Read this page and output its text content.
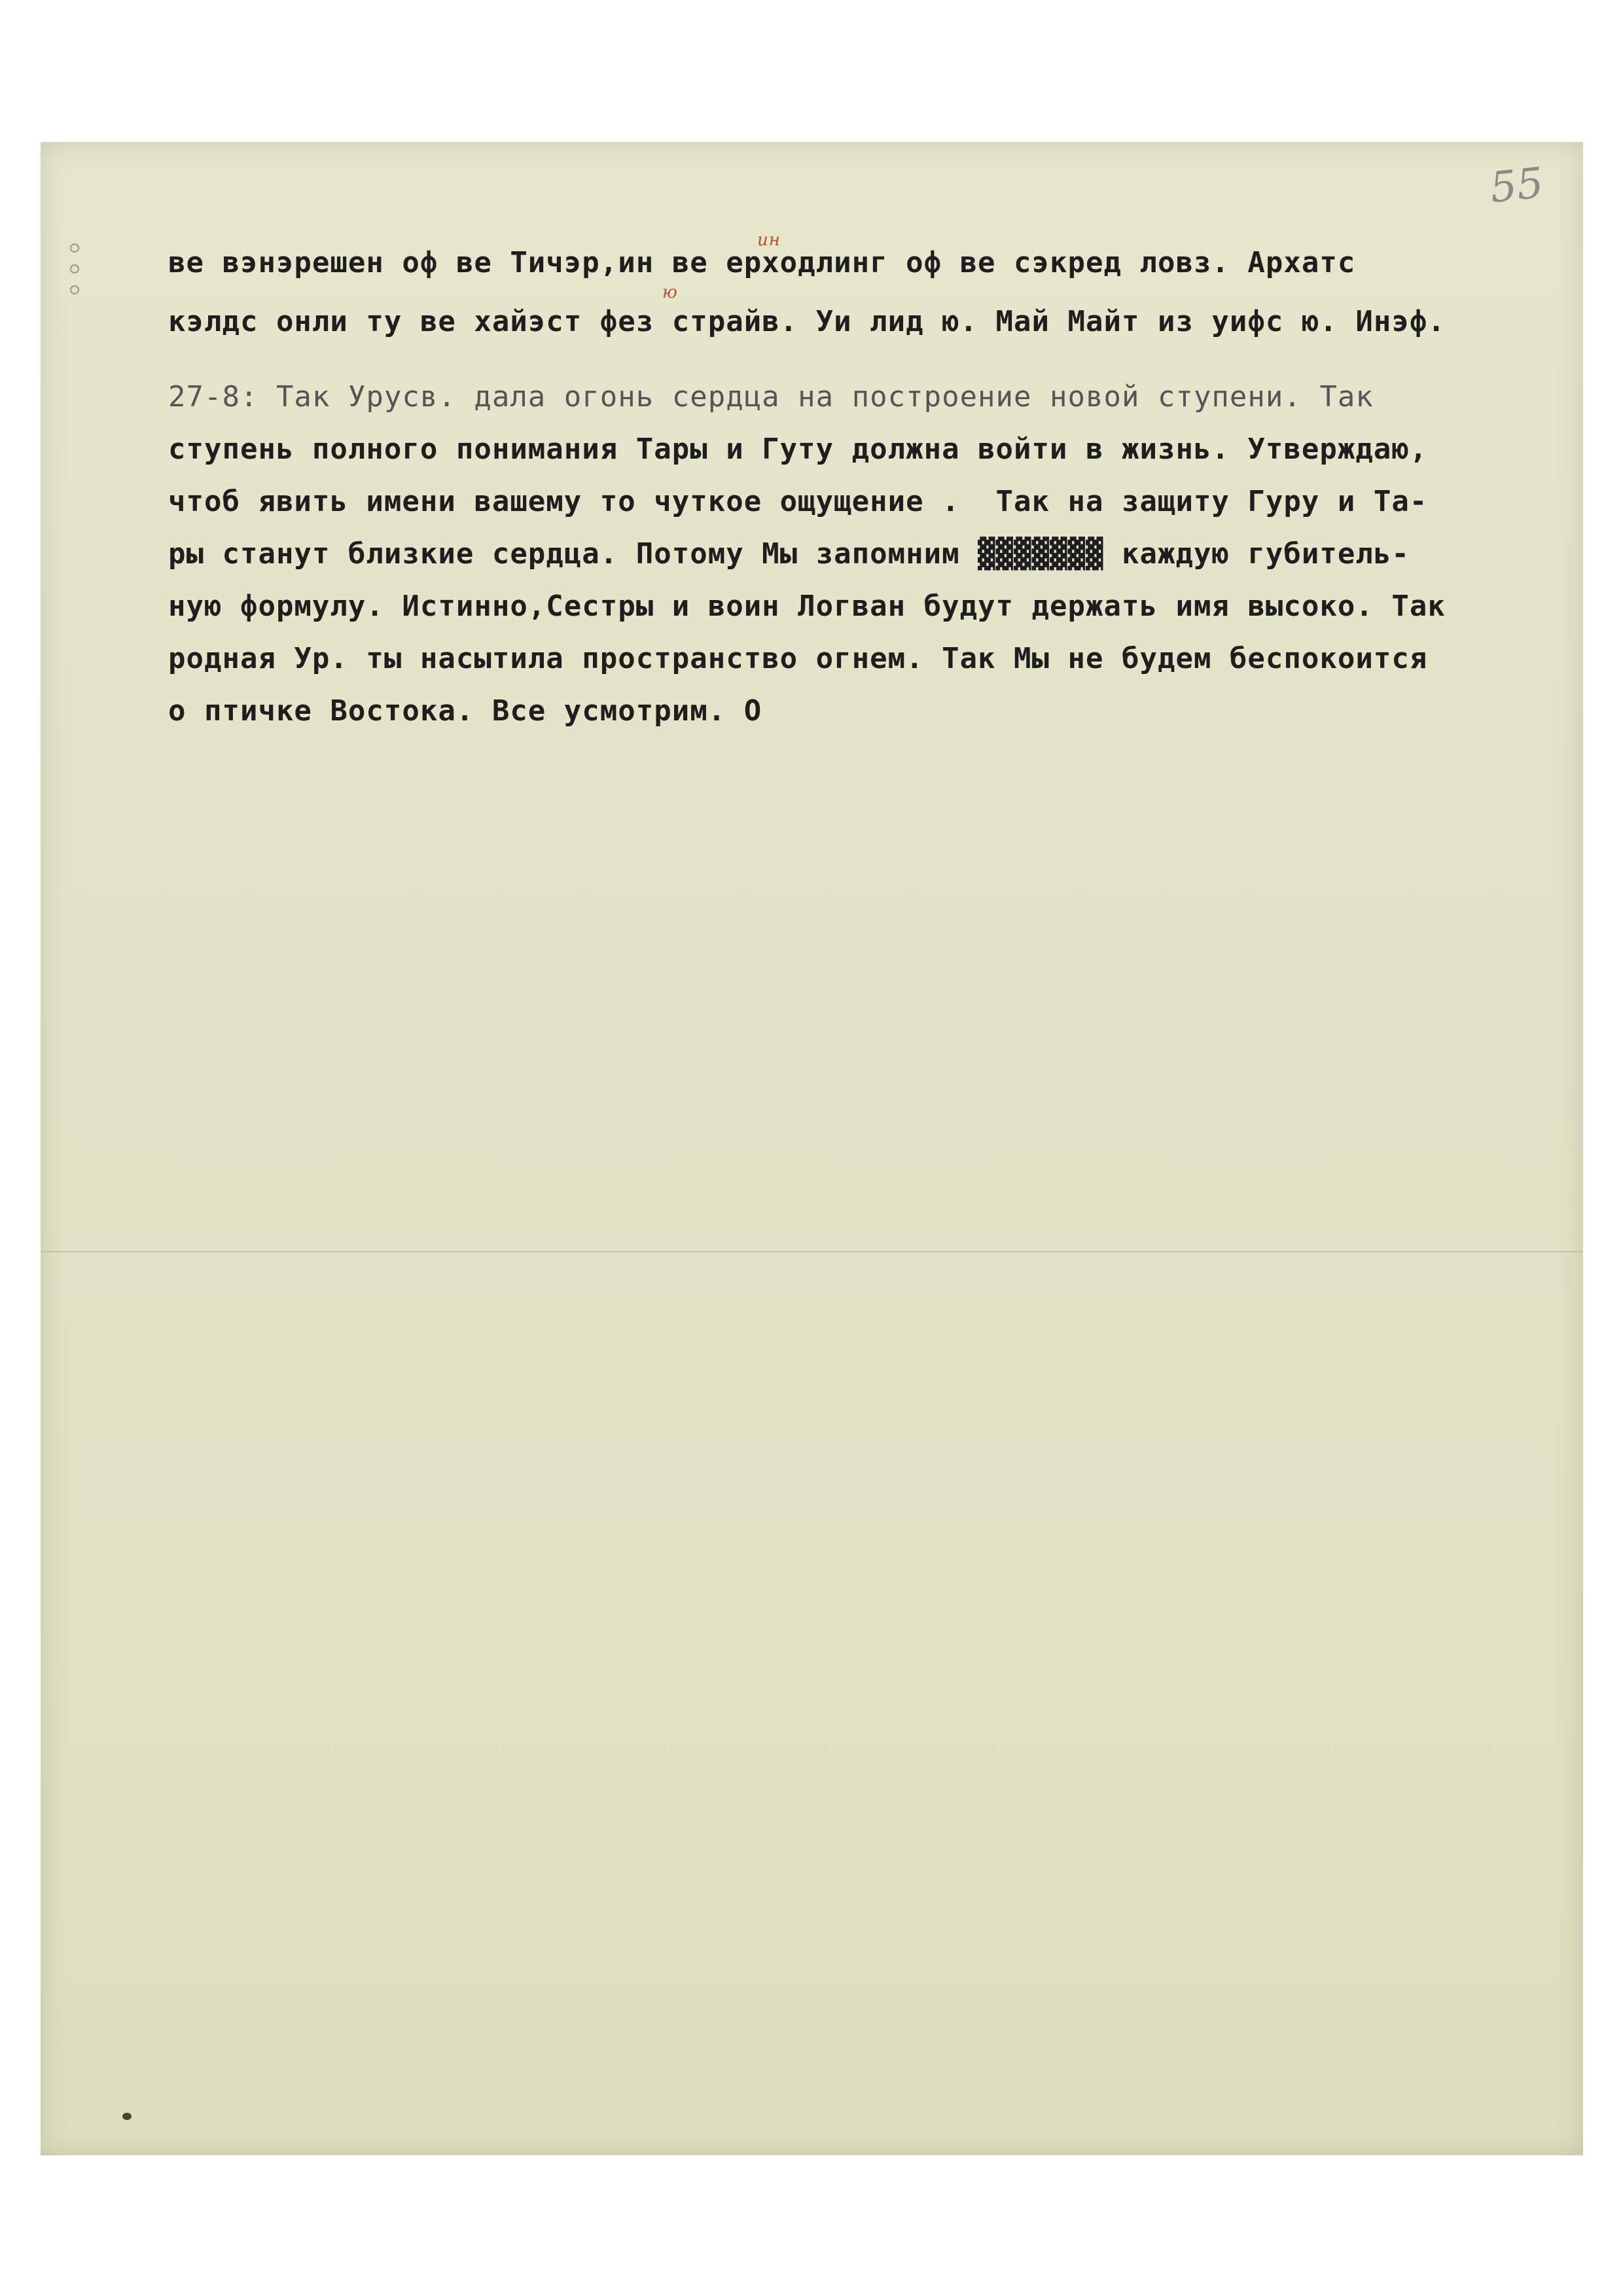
55
ин
ю
ве вэнэрешен оф ве Тичэр,ин ве ерходлинг оф ве сэкред ловз. Архатс
кэлдс онли ту ве хайэст фез страйв. Уи лид ю. Май Майт из уифс ю. Инэф.
27-8: Так Урусв. дала огонь сердца на построение новой ступени. Так
ступень полного понимания Тары и Гуту должна войти в жизнь. Утверждаю,
чтоб явить имени вашему то чуткое ощущение .  Так на защиту Гуру и Та-
ры станут близкие сердца. Потому Мы запомним ▓▓▓▓▓▓▓ каждую губитель-
ную формулу. Истинно,Сестры и воин Логван будут держать имя высоко. Так
родная Ур. ты насытила пространство огнем. Так Мы не будем беспокоится
о птичке Востока. Все усмотрим. О
